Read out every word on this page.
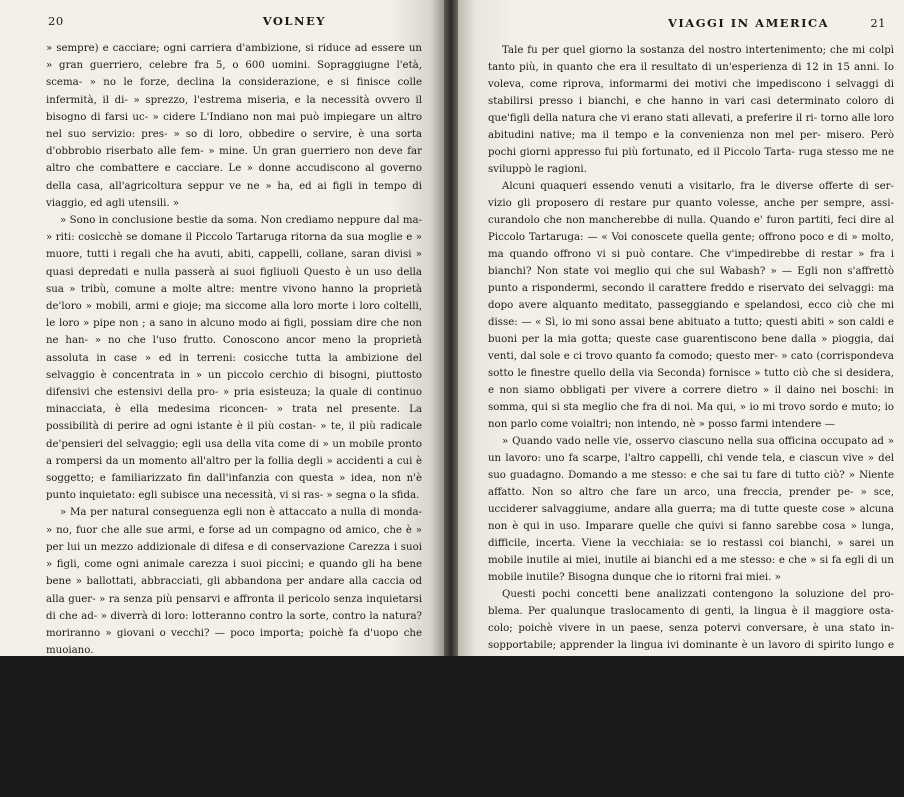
20	VOLNEY

» sempre) e cacciare; ogni carriera d'ambizione, si riduce ad essere un » gran guerriero, celebre fra 5, o 600 uomini. Sopraggiugne l'età, scema- » no le forze, declina la considerazione, e si finisce colle infermità, il di- » sprezzo, l'estrema miseria, e la necessità ovvero il bisogno di farsi uc- » cidere L'Indiano non mai può impiegare un altro nel suo servizio: pres- » so di loro, obbedire o servire, è una sorta d'obbrobio riserbato alle fem- » mine. Un gran guerriero non deve far altro che combattere e cacciare. Le » donne accudiscono al governo della casa, all'agricoltura seppur ve ne » ha, ed ai figli in tempo di viaggio, ed agli utensili. »

» Sono in conclusione bestie da soma. Non crediamo neppure dal ma- » riti: cosicchè se domane il Piccolo Tartaruga ritorna da sua moglie e » muore, tutti i regali che ha avuti, abiti, cappelli, collane, saran divisi » quasi depredati e nulla passerà ai suoi figliuoli Questo è un uso della sua » tribù, comune a molte altre: mentre vivono hanno la proprietà de'loro » mobili, armi e gioje; ma siccome alla loro morte i loro coltelli, le loro » pipe non ; a sano in alcuno modo ai figli, possiam dire che non ne han- » no che l'uso frutto. Conoscono ancor meno la proprietà assoluta in case » ed in terreni: cosicche tutta la ambizione del selvaggio è concentrata in » un piccolo cerchio di bisogni, piuttosto difensivi che estensivi della pro- » pria esisteuza; la quale di continuo minacciata, è ella medesima riconcen- » trata nel presente. La possibilità di perire ad ogni istante è il più costan- » te, il più radicale de'pensieri del selvaggio; egli usa della vita come di » un mobile pronto a rompersi da un momento all'altro per la follia degli » accidenti a cui è soggetto; e familiarizzato fin dall'infanzia con questa » idea, non n'è punto inquietato: egli subisce una necessità, vi si ras- » segna o la sfida.

» Ma per natural conseguenza egli non è attaccato a nulla di monda- » no, fuor che alle sue armi, e forse ad un compagno od amico, che è » per lui un mezzo addizionale di difesa e di conservazione Carezza i suoi » figli, come ogni animale carezza i suoi piccini; e quando gli ha bene bene » ballottati, abbracciati, gli abbandona per andare alla caccia od alla guer- » ra senza più pensarvi e affronta il pericolo senza inquietarsi di che ad- » diverrà di loro: lotteranno contro la sorte, contro la natura? moriranno » giovani o vecchi? — poco importa; poichè fa d'uopo che muoiano.

» Per lo chè il suicidio non è punto raro infra costoro; si uccidono per » disgusto di vivere, alcune volte per dispetto amoroso, o per collera contro » un grande affronto che non possono rispignere. — Vivono interamente di » sensazioni, poco di rimembranza, punto di speranze. Se stan bene, scher- » zano, ballano e cantano: se sono malati o stanchi, si sdrajano, fumano e » dormono; ma siccome assai di sovente il riposo e gli alimenti non sono per » alcun modo a disposizione, loro è difficile di scorgere fra essi vera liber- » tà e felicità. »

VIAGGI IN AMERICA	21

Tale fu per quel giorno la sostanza del nostro intertenimento; che mi colpì tanto più, in quanto che era il resultato di un'esperienza di 12 in 15 anni. Io voleva, come riprova, informarmi dei motivi che impediscono i selvaggi di stabilirsi presso i bianchi, e che hanno in vari casi determinato coloro di que'figli della natura che vi erano stati allevati, a preferire il ri- torno alle loro abitudini native; ma il tempo e la convenienza non mel per- misero. Però pochi giorni appresso fui più fortunato, ed il Piccolo Tarta- ruga stesso me ne sviluppò le ragioni.

Alcuni quaqueri essendo venuti a visitarlo, fra le diverse offerte di ser- vizio gli proposero di restare pur quanto volesse, anche per sempre, assi- curandolo che non mancherebbe di nulla. Quando e' furon partiti, feci dire al Piccolo Tartaruga: — « Voi conoscete quella gente; offrono poco e di » molto, ma quando offrono vi si può contare. Che v'impedirebbe di restar » fra i bianchi? Non state voi meglio qui che sul Wabash? » — Egli non s'affrettò punto a rispondermi, secondo il carattere freddo e riservato dei selvaggi: ma dopo avere alquanto meditato, passeggiando e spelandosi, ecco ciò che mi disse: — « Sì, io mi sono assai bene abituato a tutto; questi abiti » son caldi e buoni per la mia gotta; queste case guarentiscono bene dalla » pioggia, dai venti, dal sole e ci trovo quanto fa comodo; questo mer- » cato (corrispondeva sotto le finestre quello della via Seconda) fornisce » tutto ciò che si desidera, e non siamo obbligati per vivere a correre dietro » il daino nei boschi: in somma, qui si sta meglio che fra di noi. Ma qui, » io mi trovo sordo e muto; io non parlo come voialtri; non intendo, nè » posso farmi intendere —

» Quando vado nelle vie, osservo ciascuno nella sua officina occupato ad » un lavoro: uno fa scarpe, l'altro cappelli, chi vende tela, e ciascun vive » del suo guadagno. Domando a me stesso: e che sai tu fare di tutto ciò? » Niente affatto. Non so altro che fare un arco, una freccia, prender pe- » sce, ucciderer salvaggiume, andare alla guerra; ma di tutte queste cose » alcuna non è qui in uso. Imparare quelle che quivi si fanno sarebbe cosa » lunga, difficile, incerta. Viene la vecchiaia: se io restassi coi bianchi, » sarei un mobile inutile ai miei, inutile ai bianchi ed a me stesso: e che » si fa egli di un mobile inutile? Bisogna dunque che io ritorni frai miei. »

Questi pochi concetti bene analizzati contengono la soluzione del pro- blema. Per qualunque traslocamento di genti, la lingua è il maggiore osta- colo; poichè vivere in un paese, senza potervi conversare, è una stato in- sopportabile; apprender la lingua ivi dominante è un lavoro di spirito lungo e penoso: dopo molto tempo che si parla, esprimersi correttamente ed a piacere è pure una difficoltà provata ad ogni istante, e che ad ogni istante scoraggia. Vinto questo ostacolo (e non lo è mai bene che dalla gioventù) ne restano tre altri possenti: — 1. l'impressione delle prime abitudini del- l'infanzia, il cui effetto è tale, che, dopo molte osservazioni, mi par certo, che fin dall'età di cinque anni il sistema morale di un uomo abbia presa
